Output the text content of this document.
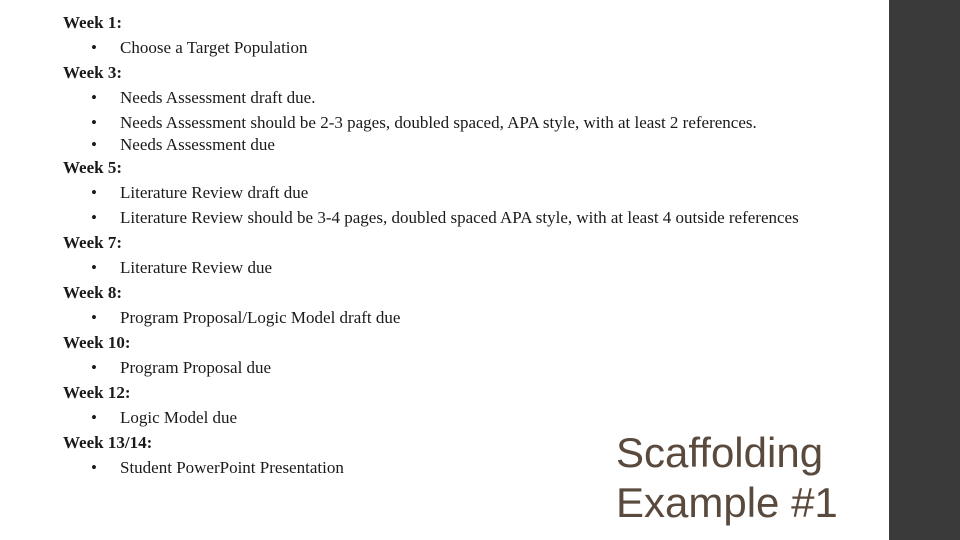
Week 1:
• Choose a Target Population
Week 3:
• Needs Assessment draft due.
• Needs Assessment should be 2-3 pages, doubled spaced, APA style, with at least 2 references.
• Needs Assessment due
Week 5:
• Literature Review draft due
• Literature Review should be 3-4 pages, doubled spaced APA style, with at least 4 outside references
Week 7:
• Literature Review due
Week 8:
• Program Proposal/Logic Model draft due
Week 10:
• Program Proposal due
Week 12:
• Logic Model due
Week 13/14:
• Student PowerPoint Presentation	Scaffolding
Example #1
